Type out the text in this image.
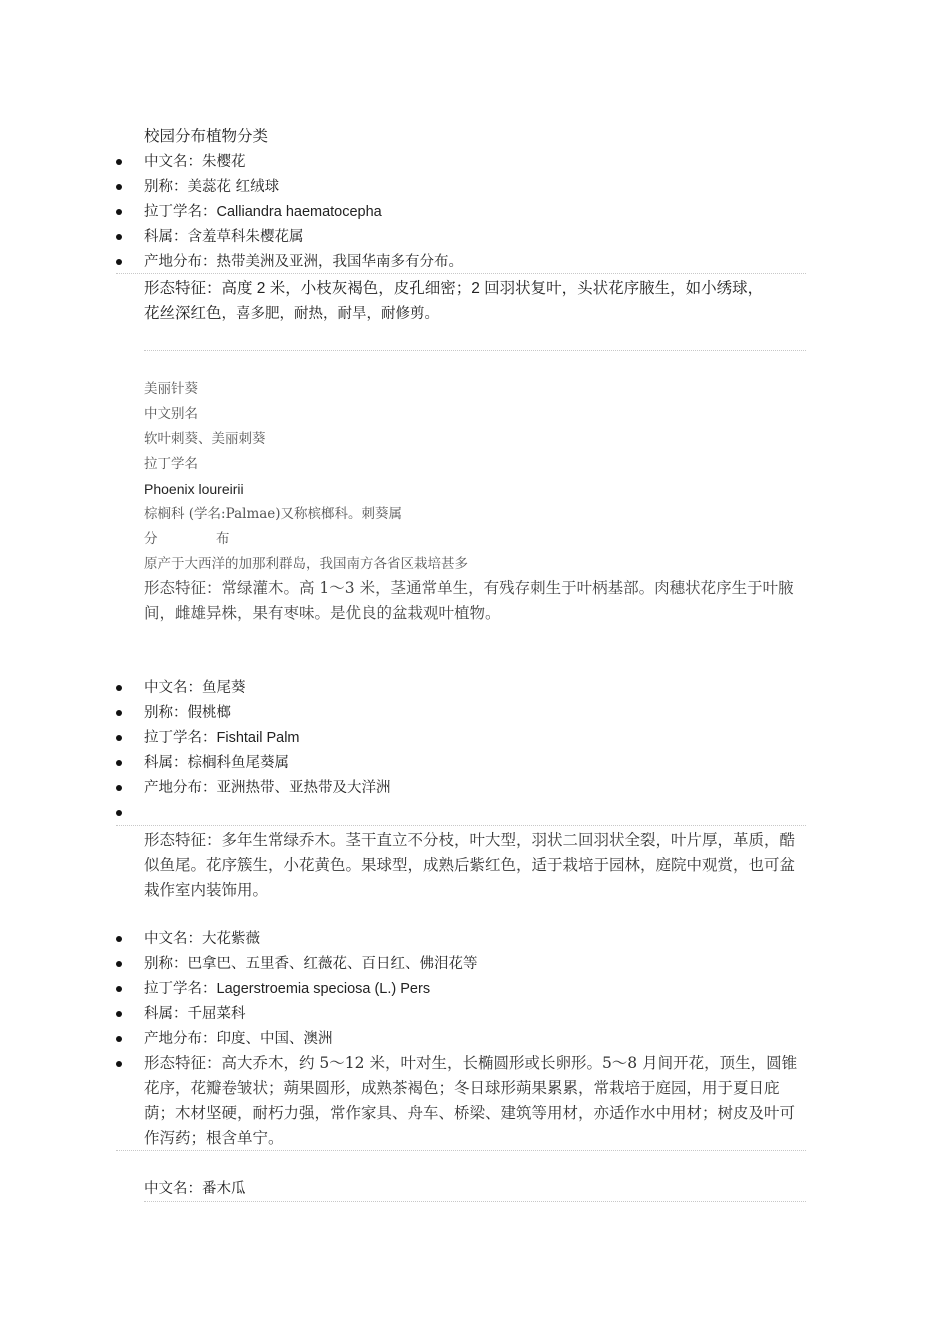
校园分布植物分类
中文名：朱樱花
别称：美蕊花 红绒球
拉丁学名：Calliandra haematocepha
科属：含羞草科朱樱花属
产地分布：热带美洲及亚洲，我国华南多有分布。
形态特征：高度 2 米，小枝灰褐色，皮孔细密；2 回羽状复叶，头状花序腋生，如小绣球，
花丝深红色，喜多肥，耐热，耐旱，耐修剪。
美丽针葵
中文别名
软叶刺葵、美丽刺葵
拉丁学名
Phoenix loureirii
棕榈科 (学名:Palmae)又称槟榔科。刺葵属
分	布
原产于大西洋的加那利群岛，我国南方各省区栽培甚多
形态特征：常绿灌木。高 1～3 米，茎通常单生，有残存刺生于叶柄基部。肉穗状花序生于叶腋间，雌雄异株，果有枣味。是优良的盆栽观叶植物。
中文名：鱼尾葵
别称：假桃榔
拉丁学名：Fishtail Palm
科属：棕榈科鱼尾葵属
产地分布：亚洲热带、亚热带及大洋洲
形态特征：多年生常绿乔木。茎干直立不分枝，叶大型，羽状二回羽状全裂，叶片厚，革质，酷似鱼尾。花序簇生，小花黄色。果球型，成熟后紫红色，适于栽培于园林，庭院中观赏，也可盆栽作室内装饰用。
中文名：大花紫薇
别称：巴拿巴、五里香、红薇花、百日红、佛泪花等
拉丁学名：Lagerstroemia speciosa (L.) Pers
科属：千屈菜科
产地分布：印度、中国、澳洲
形态特征：高大乔木，约 5～12 米，叶对生，长椭圆形或长卵形。5～8 月间开花，顶生，圆锥花序，花瓣卷皱状；蒴果圆形，成熟茶褐色；冬日球形蒴果累累，常栽培于庭园，用于夏日庇荫；木材坚硬，耐朽力强，常作家具、舟车、桥梁、建筑等用材，亦适作水中用材；树皮及叶可作泻药；根含单宁。
中文名：番木瓜
